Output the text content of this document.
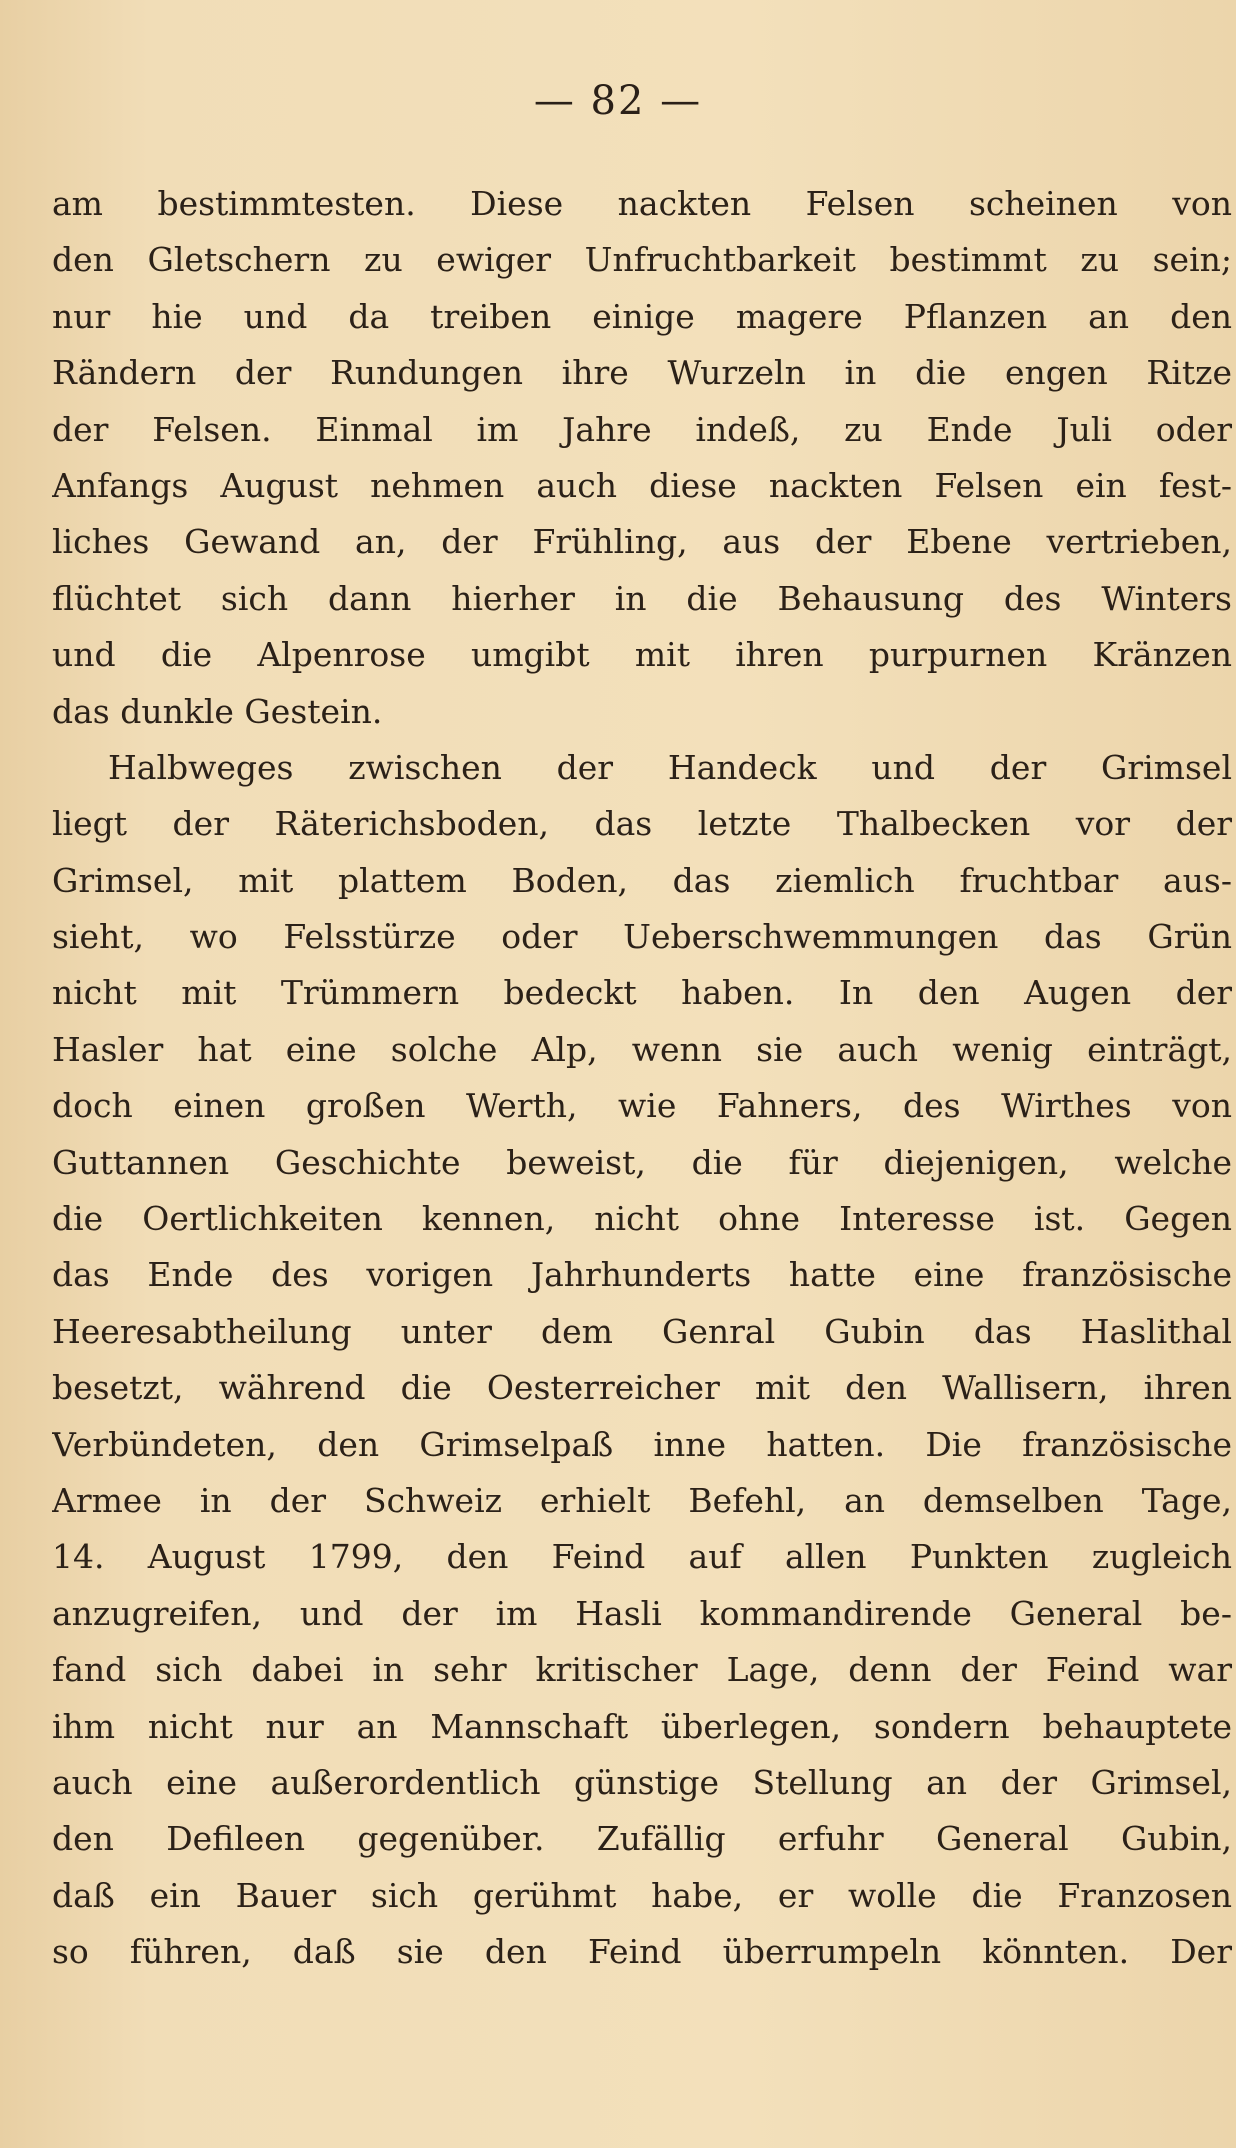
— 82 —
am bestimmtesten. Diese nackten Felsen scheinen von
den Gletschern zu ewiger Unfruchtbarkeit bestimmt zu sein;
nur hie und da treiben einige magere Pflanzen an den
Rändern der Rundungen ihre Wurzeln in die engen Ritze
der Felsen. Einmal im Jahre indeß, zu Ende Juli oder
Anfangs August nehmen auch diese nackten Felsen ein fest-
liches Gewand an, der Frühling, aus der Ebene vertrieben,
flüchtet sich dann hierher in die Behausung des Winters
und die Alpenrose umgibt mit ihren purpurnen Kränzen
das dunkle Gestein.
Halbweges zwischen der Handeck und der Grimsel
liegt der Räterichsboden, das letzte Thalbecken vor der
Grimsel, mit plattem Boden, das ziemlich fruchtbar aus-
sieht, wo Felsstürze oder Ueberschwemmungen das Grün
nicht mit Trümmern bedeckt haben. In den Augen der
Hasler hat eine solche Alp, wenn sie auch wenig einträgt,
doch einen großen Werth, wie Fahners, des Wirthes von
Guttannen Geschichte beweist, die für diejenigen, welche
die Oertlichkeiten kennen, nicht ohne Interesse ist. Gegen
das Ende des vorigen Jahrhunderts hatte eine französische
Heeresabtheilung unter dem Genral Gubin das Haslithal
besetzt, während die Oesterreicher mit den Wallisern, ihren
Verbündeten, den Grimselpaß inne hatten. Die französische
Armee in der Schweiz erhielt Befehl, an demselben Tage,
14. August 1799, den Feind auf allen Punkten zugleich
anzugreifen, und der im Hasli kommandirende General be-
fand sich dabei in sehr kritischer Lage, denn der Feind war
ihm nicht nur an Mannschaft überlegen, sondern behauptete
auch eine außerordentlich günstige Stellung an der Grimsel,
den Defileen gegenüber. Zufällig erfuhr General Gubin,
daß ein Bauer sich gerühmt habe, er wolle die Franzosen
so führen, daß sie den Feind überrumpeln könnten. Der
